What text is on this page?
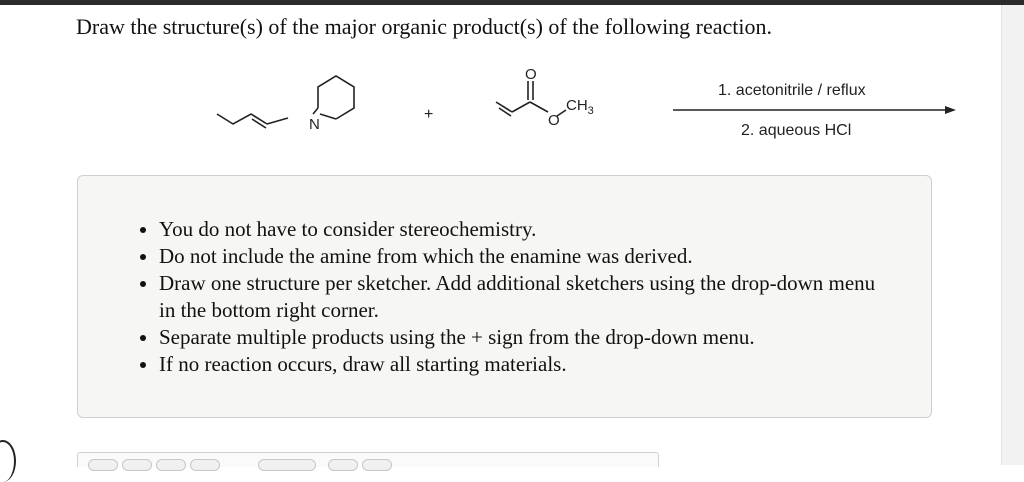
Draw the structure(s) of the major organic product(s) of the following reaction.
N
+
O
O
$CH_3$
1. acetonitrile / reflux
2. aqueous HCl
• You do not have to consider stereochemistry.
• Do not include the amine from which the enamine was derived.
• Draw one structure per sketcher. Add additional sketchers using the drop-down menu in the bottom right corner.
• Separate multiple products using the + sign from the drop-down menu.
• If no reaction occurs, draw all starting materials.
